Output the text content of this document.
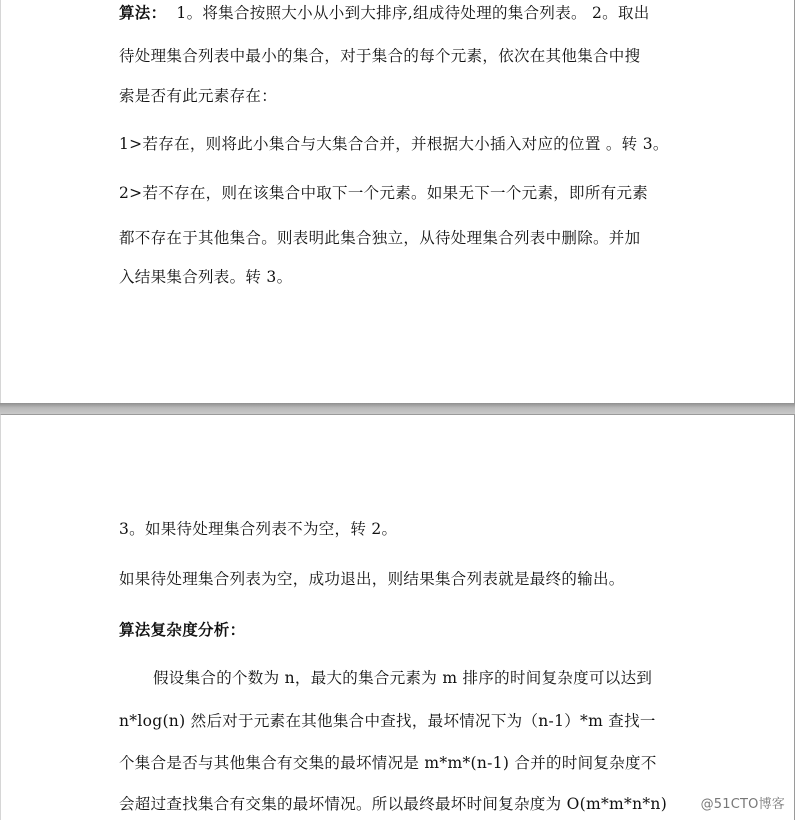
算法： 1。将集合按照大小从小到大排序,组成待处理的集合列表。 2。取出
待处理集合列表中最小的集合，对于集合的每个元素，依次在其他集合中搜
索是否有此元素存在：
1>若存在，则将此小集合与大集合合并，并根据大小插入对应的位置 。转 3。
2>若不存在，则在该集合中取下一个元素。如果无下一个元素，即所有元素
都不存在于其他集合。则表明此集合独立，从待处理集合列表中删除。并加
入结果集合列表。转 3。
3。如果待处理集合列表不为空，转 2。
如果待处理集合列表为空，成功退出，则结果集合列表就是最终的输出。
算法复杂度分析：
假设集合的个数为 n，最大的集合元素为 m 排序的时间复杂度可以达到
n*log(n) 然后对于元素在其他集合中查找，最坏情况下为（n-1）*m 查找一
个集合是否与其他集合有交集的最坏情况是 m*m*(n-1) 合并的时间复杂度不
会超过查找集合有交集的最坏情况。所以最终最坏时间复杂度为 O(m*m*n*n)	@51CTO博客
